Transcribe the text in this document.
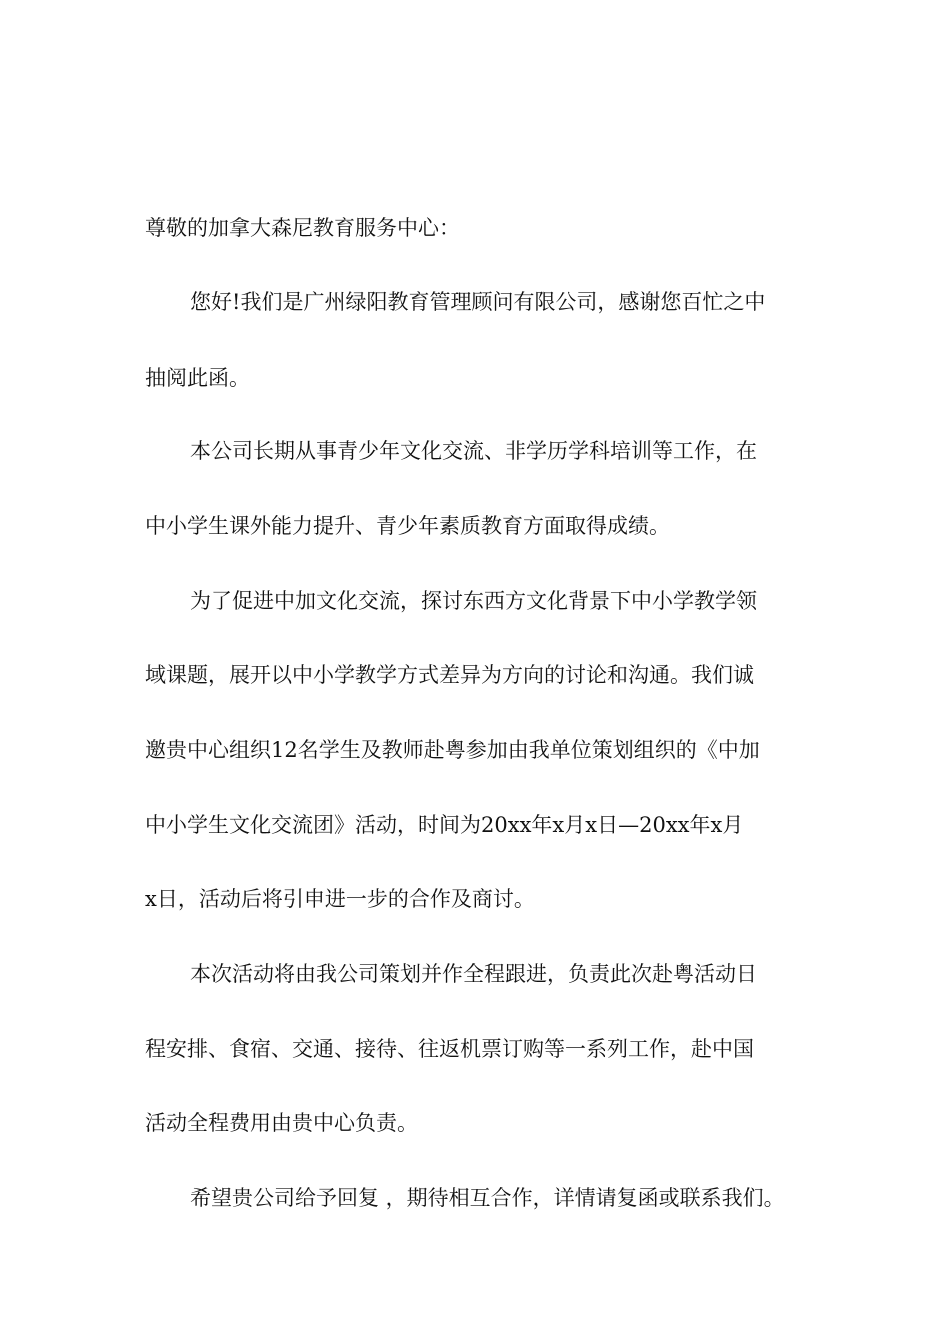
尊敬的加拿大森尼教育服务中心：
您好!我们是广州绿阳教育管理顾问有限公司，感谢您百忙之中
抽阅此函。
本公司长期从事青少年文化交流、非学历学科培训等工作，在
中小学生课外能力提升、青少年素质教育方面取得成绩。
为了促进中加文化交流，探讨东西方文化背景下中小学教学领
域课题，展开以中小学教学方式差异为方向的讨论和沟通。我们诚
邀贵中心组织12名学生及教师赴粤参加由我单位策划组织的《中加
中小学生文化交流团》活动，时间为20xx年x月x日—20xx年x月
x日，活动后将引申进一步的合作及商讨。
本次活动将由我公司策划并作全程跟进，负责此次赴粤活动日
程安排、食宿、交通、接待、往返机票订购等一系列工作，赴中国
活动全程费用由贵中心负责。
希望贵公司给予回复 ，期待相互合作，详情请复函或联系我们。
